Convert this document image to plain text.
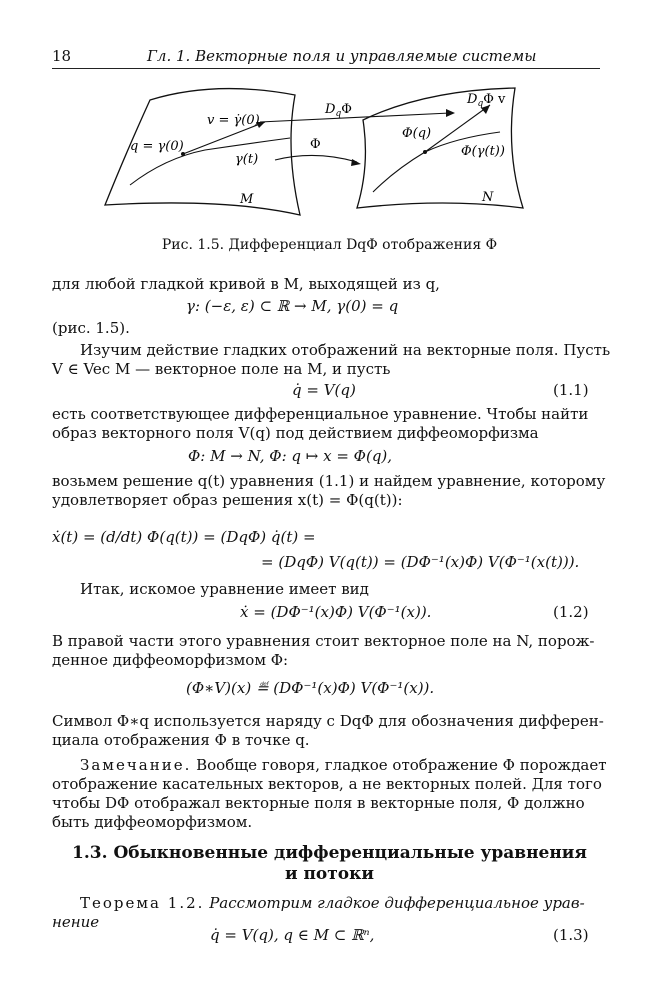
18	Гл. 1. Векторные поля и управляемые системы
v = γ̇(0)
q = γ(0)
γ(t)
M
$D_q\Phi$
Φ
$D_q\Phi$ v
Φ(q)
Φ(γ(t))
N
Рис. 1.5. Дифференциал DqΦ отображения Φ
для любой гладкой кривой в M, выходящей из q,
γ: (−ε, ε) ⊂ ℝ → M, γ(0) = q
(рис. 1.5).
Изучим действие гладких отображений на векторные поля. Пусть
V ∈ Vec M — векторное поле на M, и пусть
q̇ = V(q)	(1.1)
есть соответствующее дифференциальное уравнение. Чтобы найти
образ векторного поля V(q) под действием диффеоморфизма
Φ: M → N, Φ: q ↦ x = Φ(q),
возьмем решение q(t) уравнения (1.1) и найдем уравнение, которому
удовлетворяет образ решения x(t) = Φ(q(t)):
ẋ(t) = (d/dt) Φ(q(t)) = (DqΦ) q̇(t) =
= (DqΦ) V(q(t)) = (DΦ⁻¹(x)Φ) V(Φ⁻¹(x(t))).
Итак, искомое уравнение имеет вид
ẋ = (DΦ⁻¹(x)Φ) V(Φ⁻¹(x)).	(1.2)
В правой части этого уравнения стоит векторное поле на N, порож-
денное диффеоморфизмом Φ:
(Φ∗V)(x) ≝ (DΦ⁻¹(x)Φ) V(Φ⁻¹(x)).
Символ Φ∗q используется наряду с DqΦ для обозначения дифферен-
циала отображения Φ в точке q.
Замечание. Вообще говоря, гладкое отображение Φ порождает
отображение касательных векторов, а не векторных полей. Для того
чтобы DΦ отображал векторные поля в векторные поля, Φ должно
быть диффеоморфизмом.
1.3. Обыкновенные дифференциальные уравнения
и потоки
Теорема 1.2. Рассмотрим гладкое дифференциальное урав-
нение
q̇ = V(q), q ∈ M ⊂ ℝⁿ,	(1.3)
